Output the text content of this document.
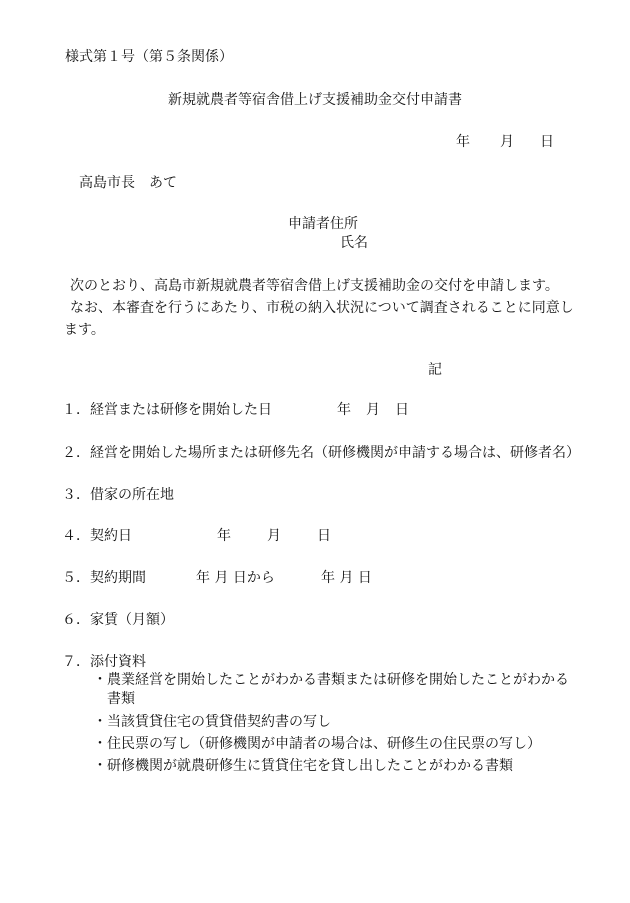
様式第１号（第５条関係）
新規就農者等宿舎借上げ支援補助金交付申請書
年 月 日
高島市長　あて
申請者住所
氏名
次のとおり、高島市新規就農者等宿舎借上げ支援補助金の交付を申請します。
なお、本審査を行うにあたり、市税の納入状況について調査されることに同意し
ます。
記
１．経営または研修を開始した日	年 月 日
２．経営を開始した場所または研修先名（研修機関が申請する場合は、研修者名）
３．借家の所在地
４．契約日	年	月	日
５．契約期間	年 月 日から	年 月 日
６．家賃（月額）
７．添付資料
・農業経営を開始したことがわかる書類または研修を開始したことがわかる
書類
・当該賃貸住宅の賃貸借契約書の写し
・住民票の写し（研修機関が申請者の場合は、研修生の住民票の写し）
・研修機関が就農研修生に賃貸住宅を貸し出したことがわかる書類
